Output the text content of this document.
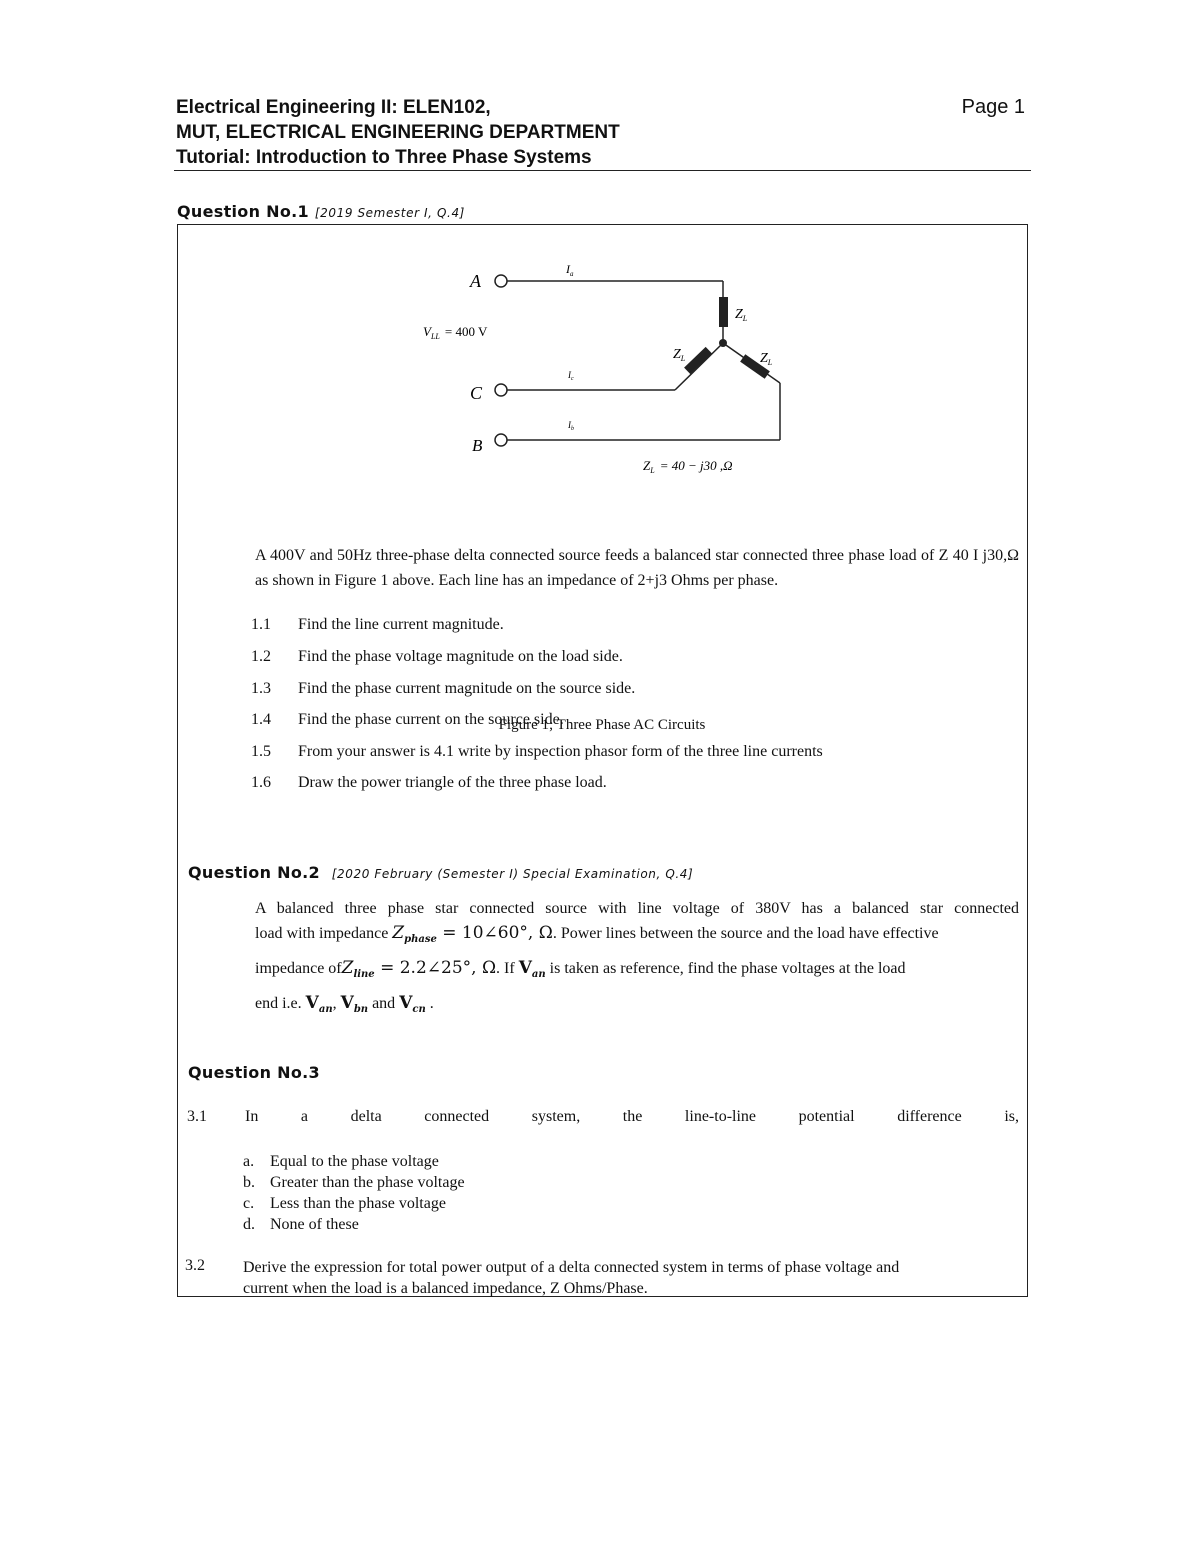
Electrical Engineering II: ELEN102,	Page 1
MUT, ELECTRICAL ENGINEERING DEPARTMENT
Tutorial: Introduction to Three Phase Systems
Question No.1 [2019 Semester I, Q.4]
A
C
B
$V_{LL} = 400$ V
$I_a$
$I_c$
$I_b$
$Z_L$
$Z_L$	$Z_L$
$Z_L = 40 - j30$ ,Ω
Figure 1; Three Phase AC Circuits
A 400V and 50Hz three-phase delta connected source feeds a balanced star connected three phase load of Z 40 I j30,Ω as shown in Figure 1 above. Each line has an impedance of 2+j3 Ohms per phase.
1.1 Find the line current magnitude.
1.2 Find the phase voltage magnitude on the load side.
1.3 Find the phase current magnitude on the source side.
1.4 Find the phase current on the source side.
1.5 From your answer is 4.1 write by inspection phasor form of the three line currents
1.6 Draw the power triangle of the three phase load.
Question No.2 [2020 February (Semester I) Special Examination, Q.4]
A balanced three phase star connected source with line voltage of 380V has a balanced star connected
load with impedance $Z_{phase}$ = 10∠60°, Ω. Power lines between the source and the load have effective
impedance ofZ$_{line}$ = 2.2∠25°, Ω. If $V_{an}$ is taken as reference, find the phase voltages at the load
end i.e. $V_{an}$, $V_{bn}$ and $V_{cn}$ .
Question No.3
3.1 In a delta connected system, the line-to-line potential difference is,
a. Equal to the phase voltage
b. Greater than the phase voltage
c. Less than the phase voltage
d. None of these
3.2 Derive the expression for total power output of a delta connected system in terms of phase voltage and
current when the load is a balanced impedance, Z Ohms/Phase.
